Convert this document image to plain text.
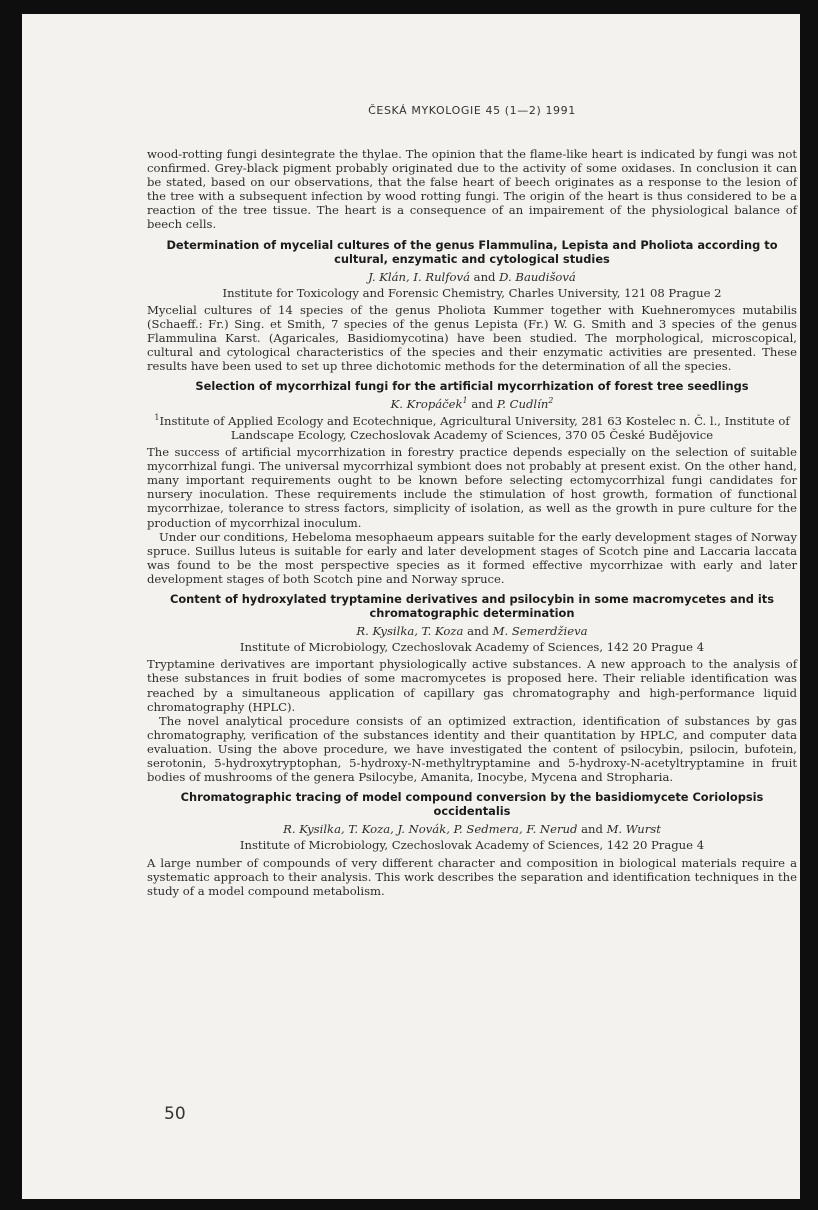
ČESKÁ MYKOLOGIE 45 (1—2) 1991

wood-rotting fungi desintegrate the thylae. The opinion that the flame-like heart is indicated by fungi was not confirmed. Grey-black pigment probably originated due to the activity of some oxidases. In conclusion it can be stated, based on our observations, that the false heart of beech originates as a response to the lesion of the tree with a subsequent infection by wood rotting fungi. The origin of the heart is thus considered to be a reaction of the tree tissue. The heart is a consequence of an impairement of the physiological balance of beech cells.

Determination of mycelial cultures of the genus Flammulina, Lepista and Pholiota according to cultural, enzymatic and cytological studies
J. Klán, I. Rulfová and D. Baudišová
Institute for Toxicology and Forensic Chemistry, Charles University, 121 08 Prague 2

Mycelial cultures of 14 species of the genus Pholiota Kummer together with Kuehneromyces mutabilis (Schaeff.: Fr.) Sing. et Smith, 7 species of the genus Lepista (Fr.) W. G. Smith and 3 species of the genus Flammulina Karst. (Agaricales, Basidiomycotina) have been studied. The morphological, microscopical, cultural and cytological characteristics of the species and their enzymatic activities are presented. These results have been used to set up three dichotomic methods for the determination of all the species.

Selection of mycorrhizal fungi for the artificial mycorrhization of forest tree seedlings
K. Kropáček$^1$ and P. Cudlín$^2$
$^1$Institute of Applied Ecology and Ecotechnique, Agricultural University, 281 63 Kostelec n. Č. l., Institute of Landscape Ecology, Czechoslovak Academy of Sciences, 370 05 České Budějovice

The success of artificial mycorrhization in forestry practice depends especially on the selection of suitable mycorrhizal fungi. The universal mycorrhizal symbiont does not probably at present exist. On the other hand, many important requirements ought to be known before selecting ectomycorrhizal fungi candidates for nursery inoculation. These requirements include the stimulation of host growth, formation of functional mycorrhizae, tolerance to stress factors, simplicity of isolation, as well as the growth in pure culture for the production of mycorrhizal inoculum.

Under our conditions, Hebeloma mesophaeum appears suitable for the early development stages of Norway spruce. Suillus luteus is suitable for early and later development stages of Scotch pine and Laccaria laccata was found to be the most perspective species as it formed effective mycorrhizae with early and later development stages of both Scotch pine and Norway spruce.

Content of hydroxylated tryptamine derivatives and psilocybin in some macromycetes and its chromatographic determination
R. Kysilka, T. Koza and M. Semerdžieva
Institute of Microbiology, Czechoslovak Academy of Sciences, 142 20 Prague 4

Tryptamine derivatives are important physiologically active substances. A new approach to the analysis of these substances in fruit bodies of some macromycetes is proposed here. Their reliable identification was reached by a simultaneous application of capillary gas chromatography and high-performance liquid chromatography (HPLC).

The novel analytical procedure consists of an optimized extraction, identification of substances by gas chromatography, verification of the substances identity and their quantitation by HPLC, and computer data evaluation. Using the above procedure, we have investigated the content of psilocybin, psilocin, bufotein, serotonin, 5-hydroxytryptophan, 5-hydroxy-N-methyltryptamine and 5-hydroxy-N-acetyltryptamine in fruit bodies of mushrooms of the genera Psilocybe, Amanita, Inocybe, Mycena and Stropharia.

Chromatographic tracing of model compound conversion by the basidiomycete Coriolopsis occidentalis
R. Kysilka, T. Koza, J. Novák, P. Sedmera, F. Nerud and M. Wurst
Institute of Microbiology, Czechoslovak Academy of Sciences, 142 20 Prague 4

A large number of compounds of very different character and composition in biological materials require a systematic approach to their analysis. This work describes the separation and identification techniques in the study of a model compound metabolism.

50
